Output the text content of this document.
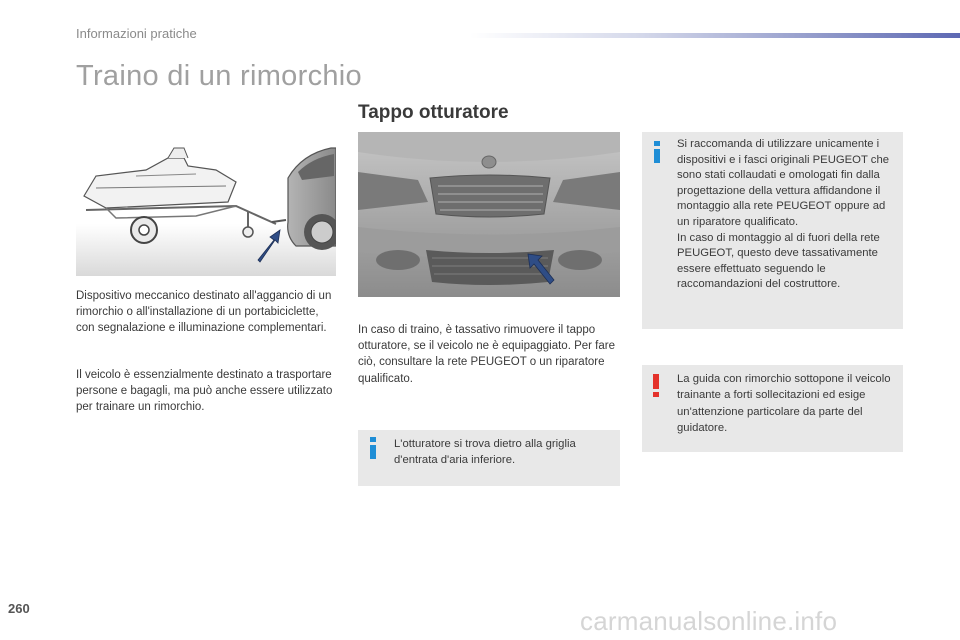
Informazioni pratiche
Traino di un rimorchio

Dispositivo meccanico destinato all'aggancio di un rimorchio o all'installazione di un portabiciclette, con segnalazione e illuminazione complementari.

Il veicolo è essenzialmente destinato a trasportare persone e bagagli, ma può anche essere utilizzato per trainare un rimorchio.

Tappo otturatore

In caso di traino, è tassativo rimuovere il tappo otturatore, se il veicolo ne è equipaggiato. Per fare ciò, consultare la rete PEUGEOT o un riparatore qualificato.

L'otturatore si trova dietro alla griglia d'entrata d'aria inferiore.
Si raccomanda di utilizzare unicamente i dispositivi e i fasci originali PEUGEOT che sono stati collaudati e omologati fin dalla progettazione della vettura affidandone il montaggio alla rete PEUGEOT oppure ad un riparatore qualificato.
In caso di montaggio al di fuori della rete PEUGEOT, questo deve tassativamente essere effettuato seguendo le raccomandazioni del costruttore.
La guida con rimorchio sottopone il veicolo trainante a forti sollecitazioni ed esige un'attenzione particolare da parte del guidatore.
260	carmanualsonline.info
